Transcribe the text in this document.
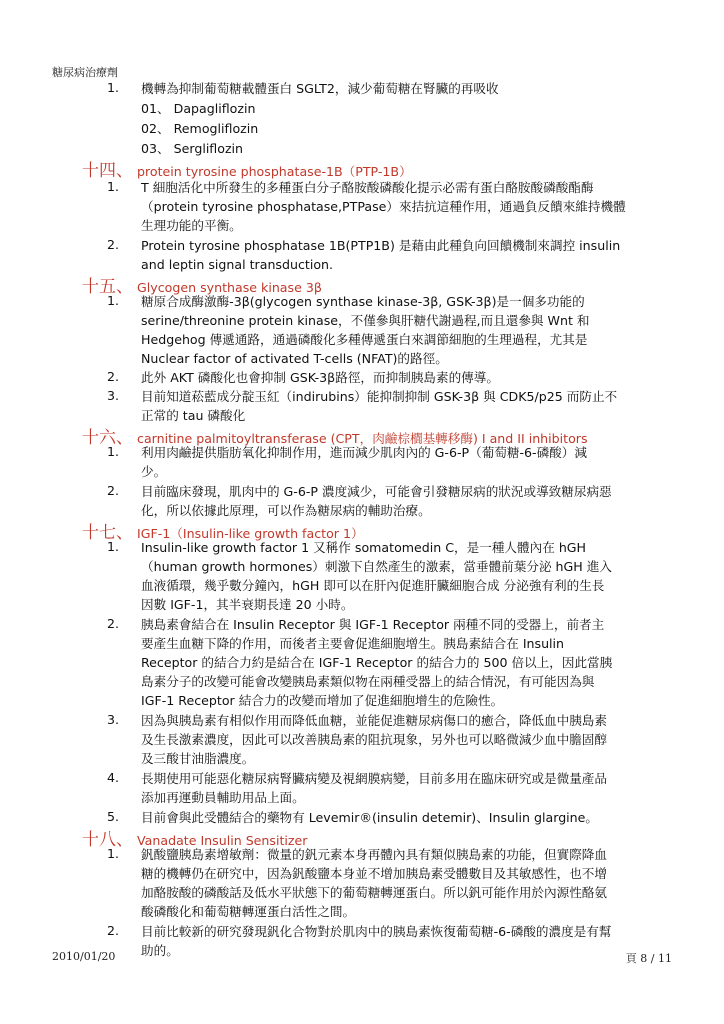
糖尿病治療劑
1. 機轉為抑制葡萄糖載體蛋白 SGLT2，減少葡萄糖在腎臟的再吸收
01、 Dapagliflozin
02、 Remogliflozin
03、 Sergliflozin
十四、 protein tyrosine phosphatase-1B（PTP-1B）
1. T 細胞活化中所發生的多種蛋白分子酪胺酸磷酸化提示必需有蛋白酪胺酸磷酸酯酶
（protein tyrosine phosphatase,PTPase）來拮抗這種作用，通過負反饋來維持機體
生理功能的平衡。
2. Protein tyrosine phosphatase 1B(PTP1B) 是藉由此種負向回饋機制來調控 insulin
and leptin signal transduction.
十五、 Glycogen synthase kinase 3β
1. 糖原合成酶激酶-3β(glycogen synthase kinase-3β, GSK-3β)是一個多功能的
serine/threonine protein kinase，不僅參與肝糖代謝過程,而且還參與 Wnt 和
Hedgehog 傳遞通路，通過磷酸化多種傳遞蛋白來調節細胞的生理過程，尤其是
Nuclear factor of activated T-cells (NFAT)的路徑。
2. 此外 AKT 磷酸化也會抑制 GSK-3β路徑，而抑制胰島素的傳導。
3. 目前知道菘藍成分靛玉紅（indirubins）能抑制抑制 GSK-3β 與 CDK5/p25 而防止不
正常的 tau 磷酸化
十六、 carnitine palmitoyltransferase (CPT，肉鹼棕櫚基轉移酶) I and II inhibitors
1. 利用肉鹼提供脂肪氧化抑制作用，進而減少肌肉內的 G-6-P（葡萄糖-6-磷酸）減
少。
2. 目前臨床發現，肌肉中的 G-6-P 濃度減少，可能會引發糖尿病的狀況或導致糖尿病惡
化，所以依據此原理，可以作為糖尿病的輔助治療。
十七、 IGF-1（Insulin-like growth factor 1）
1. Insulin-like growth factor 1 又稱作 somatomedin C，是一種人體內在 hGH
（human growth hormones）刺激下自然產生的激素，當垂體前葉分泌 hGH 進入
血液循環，幾乎數分鐘內，hGH 即可以在肝內促進肝臟細胞合成 分泌強有利的生長
因數 IGF-1，其半衰期長達 20 小時。
2. 胰島素會結合在 Insulin Receptor 與 IGF-1 Receptor 兩種不同的受器上，前者主
要產生血糖下降的作用，而後者主要會促進細胞增生。胰島素結合在 Insulin
Receptor 的結合力約是結合在 IGF-1 Receptor 的結合力的 500 倍以上，因此當胰
島素分子的改變可能會改變胰島素類似物在兩種受器上的結合情況，有可能因為與
IGF-1 Receptor 結合力的改變而增加了促進細胞增生的危險性。
3. 因為與胰島素有相似作用而降低血糖，並能促進糖尿病傷口的癒合，降低血中胰島素
及生長激素濃度，因此可以改善胰島素的阻抗現象，另外也可以略微減少血中膽固醇
及三酸甘油脂濃度。
4. 長期使用可能惡化糖尿病腎臟病變及視網膜病變，目前多用在臨床研究或是微量產品
添加再運動員輔助用品上面。
5. 目前會與此受體結合的藥物有 Levemir®(insulin detemir)、Insulin glargine。
十八、 Vanadate Insulin Sensitizer
1. 釩酸鹽胰島素增敏劑：微量的釩元素本身再體內具有類似胰島素的功能，但實際降血
糖的機轉仍在研究中，因為釩酸鹽本身並不增加胰島素受體數目及其敏感性，也不增
加酪胺酸的磷酸話及低水平狀態下的葡萄糖轉運蛋白。所以釩可能作用於內源性酪氨
酸磷酸化和葡萄糖轉運蛋白活性之間。
2. 目前比較新的研究發現釩化合物對於肌肉中的胰島素恢復葡萄糖-6-磷酸的濃度是有幫
助的。
2010/01/20	頁 8 / 11
